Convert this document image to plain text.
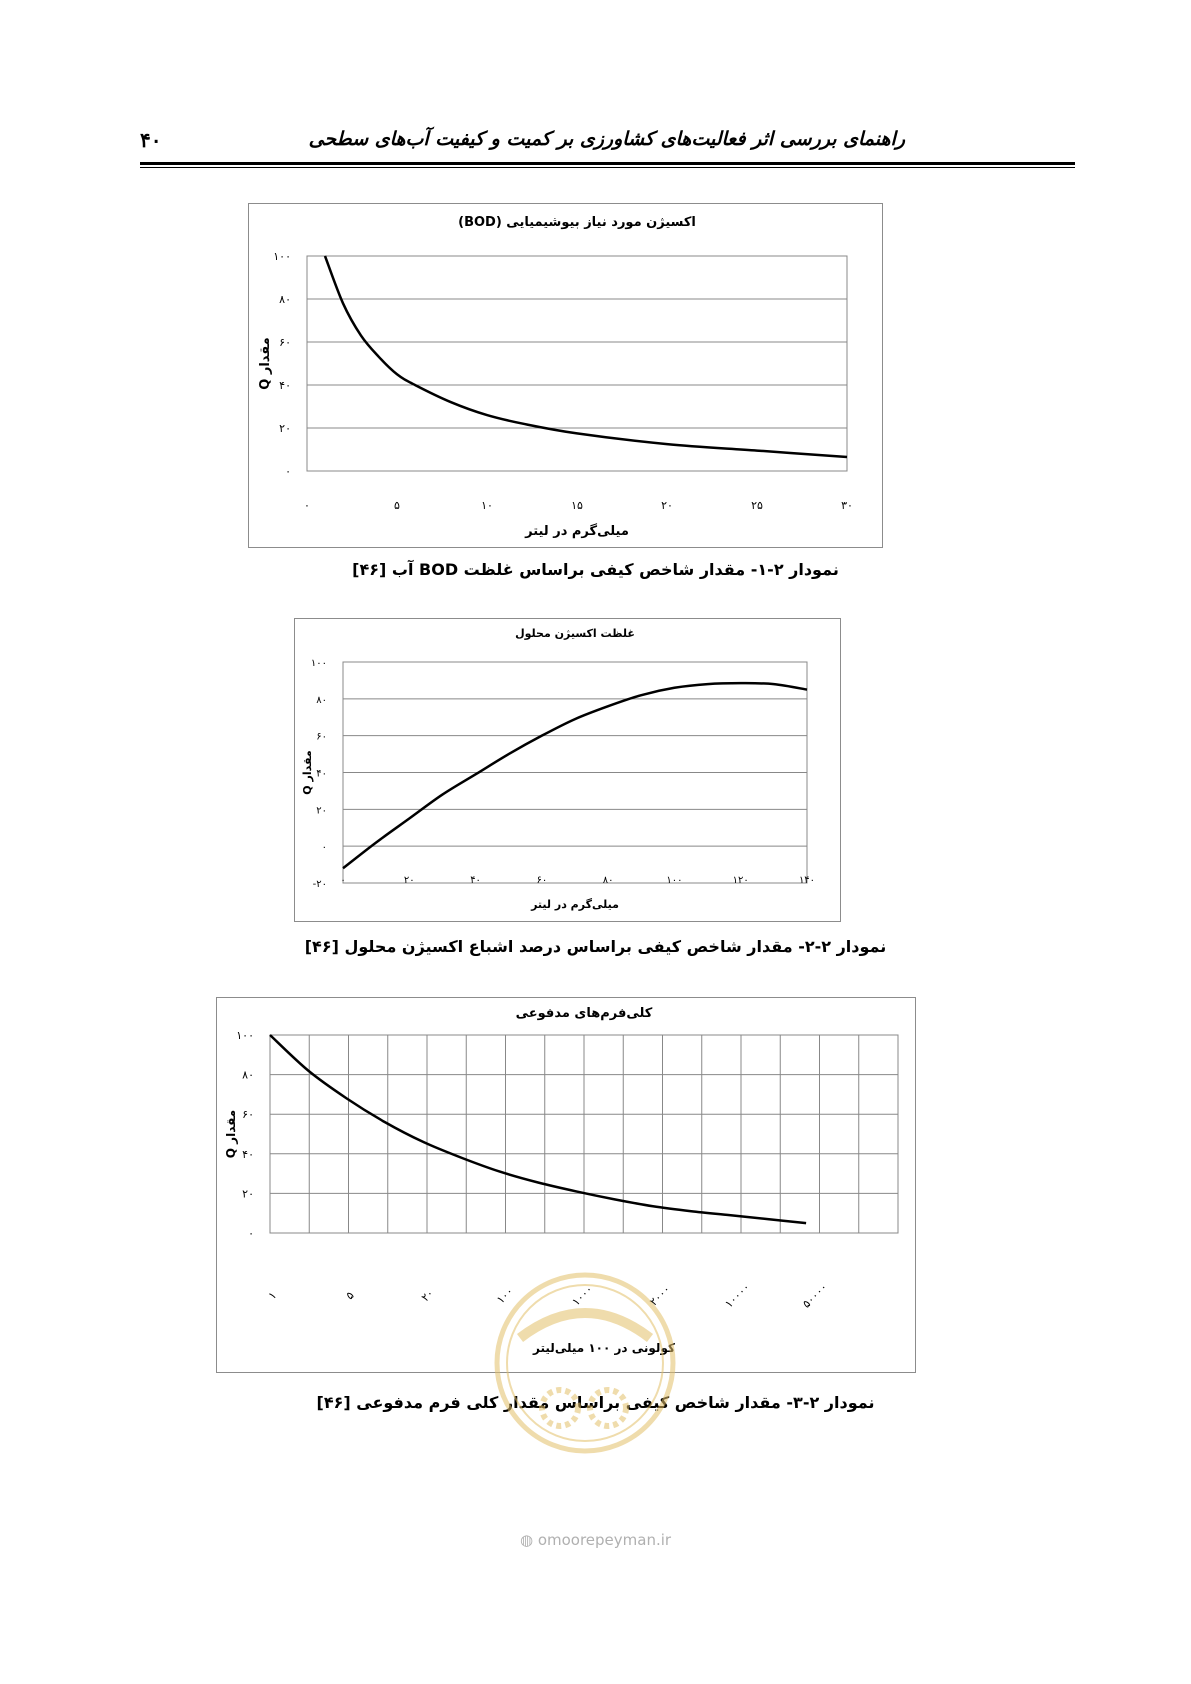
راهنمای بررسی اثر فعالیت‌های کشاورزی بر کمیت و کیفیت آب‌های سطحی
۴۰
اکسیژن مورد نیاز بیوشیمیایی (BOD)
۰
۲۰
۴۰
۶۰
۸۰
۱۰۰
۰	۵	۱۰	۱۵	۲۰	۲۵	۳۰
میلی‌گرم در لیتر
مقدار Q
نمودار ۲-۱- مقدار شاخص کیفی براساس غلظت BOD آب [۴۶]
غلظت اکسیژن محلول
-۲۰
۰
۲۰
۴۰
۶۰
۸۰
۱۰۰
۰	۲۰	۴۰	۶۰	۸۰	۱۰۰	۱۲۰	۱۴۰
میلی‌گرم در لیتر
مقدار Q
نمودار ۲-۲- مقدار شاخص کیفی براساس درصد اشباع اکسیژن محلول [۴۶]
کلی‌فرم‌های مدفوعی
۰
۲۰
۴۰
۶۰
۸۰
۱۰۰
۱	۵	۲۰	۱۰۰	۱۰۰۰	۲۰۰۰	۱۰۰۰۰	۵۰۰۰۰
کولونی در ۱۰۰ میلی‌لیتر
مقدار Q
نمودار ۲-۳- مقدار شاخص کیفی براساس مقدار کلی فرم مدفوعی [۴۶]
◍ omoorepeyman.ir
